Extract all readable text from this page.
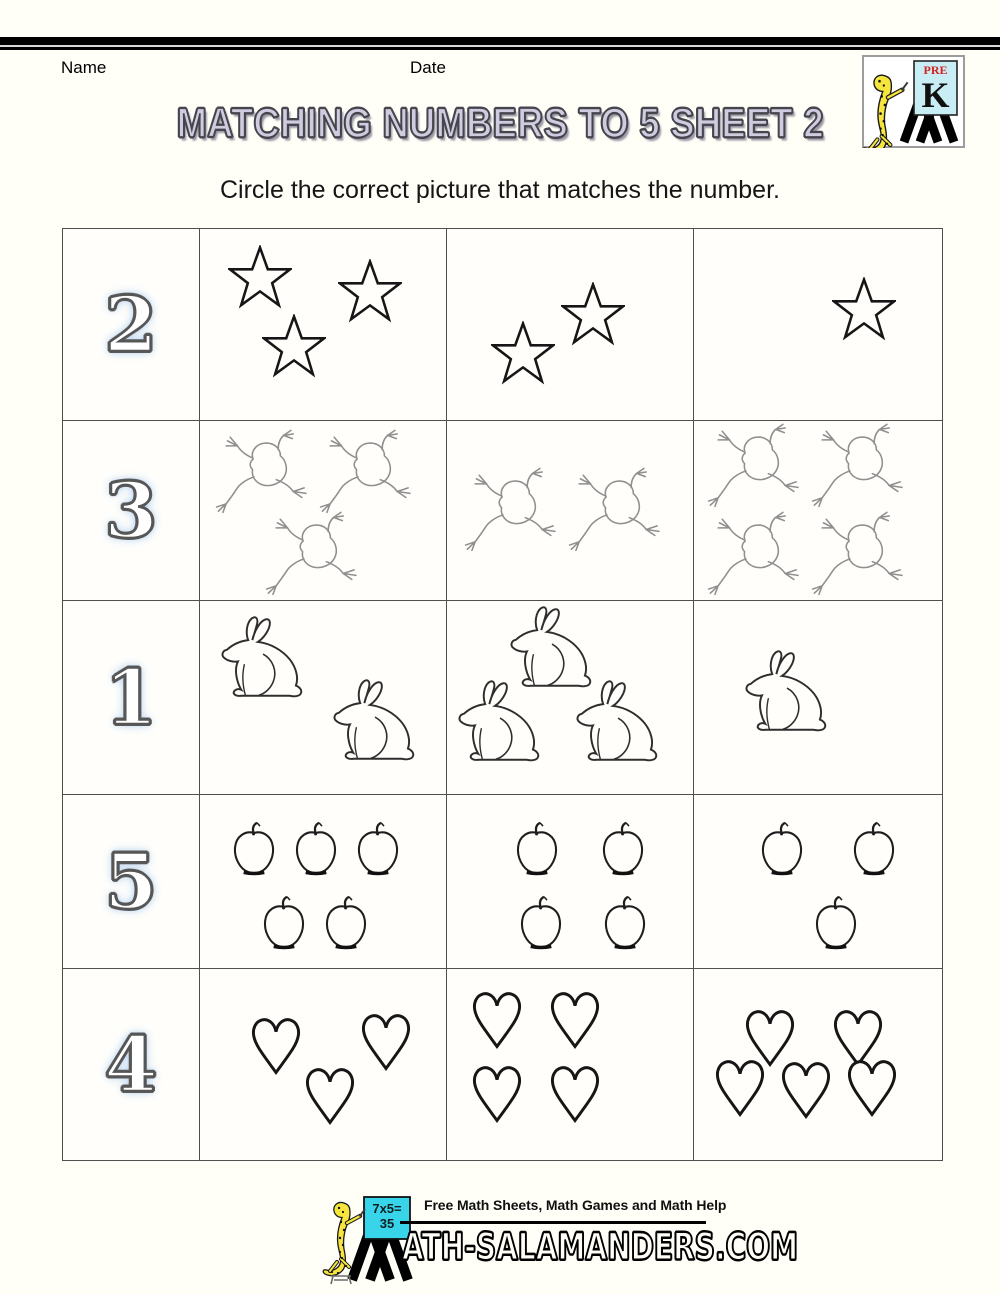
Name	Date	PRE
K
MATCHING NUMBERS TO 5 SHEET 2
Circle the correct picture that matches the number.
2
3
1
5
4
7x5=
35
Free Math Sheets, Math Games and Math Help
ATH-SALAMANDERS.COM
